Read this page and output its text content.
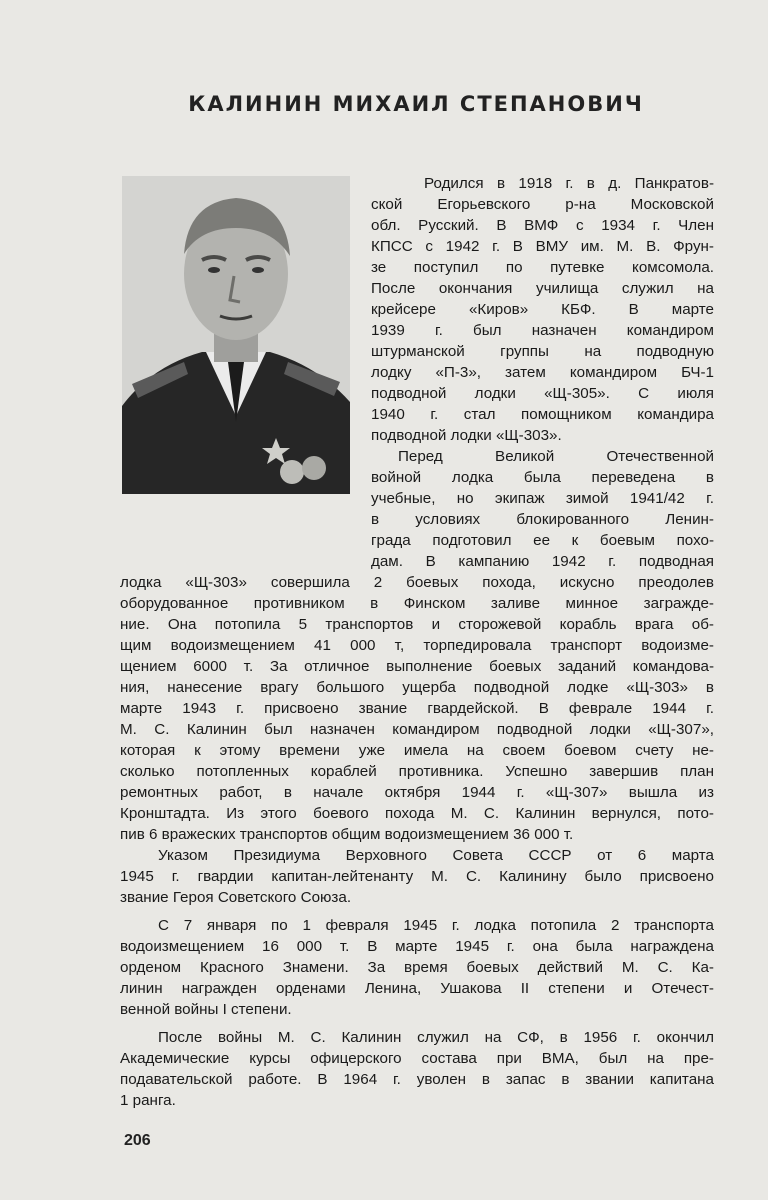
КАЛИНИН МИХАИЛ СТЕПАНОВИЧ
Родился в 1918 г. в д. Панкратов-
ской Егорьевского р-на Московской
обл. Русский. В ВМФ с 1934 г. Член
КПСС с 1942 г. В ВМУ им. М. В. Фрун-
зе поступил по путевке комсомола.
После окончания училища служил на
крейсере «Киров» КБФ. В марте
1939 г. был назначен командиром
штурманской группы на подводную
лодку «П-3», затем командиром БЧ-1
подводной лодки «Щ-305». С июля
1940 г. стал помощником командира
подводной лодки «Щ-303».
Перед Великой Отечественной
войной лодка была переведена в
учебные, но экипаж зимой 1941/42 г.
в условиях блокированного Ленин-
града подготовил ее к боевым похо-
дам. В кампанию 1942 г. подводная
лодка «Щ-303» совершила 2 боевых похода, искусно преодолев
оборудованное противником в Финском заливе минное загражде-
ние. Она потопила 5 транспортов и сторожевой корабль врага об-
щим водоизмещением 41 000 т, торпедировала транспорт водоизме-
щением 6000 т. За отличное выполнение боевых заданий командова-
ния, нанесение врагу большого ущерба подводной лодке «Щ-303» в
марте 1943 г. присвоено звание гвардейской. В феврале 1944 г.
М. С. Калинин был назначен командиром подводной лодки «Щ-307»,
которая к этому времени уже имела на своем боевом счету не-
сколько потопленных кораблей противника. Успешно завершив план
ремонтных работ, в начале октября 1944 г. «Щ-307» вышла из
Кронштадта. Из этого боевого похода М. С. Калинин вернулся, пото-
пив 6 вражеских транспортов общим водоизмещением 36 000 т.
Указом Президиума Верховного Совета СССР от 6 марта
1945 г. гвардии капитан-лейтенанту М. С. Калинину было присвоено
звание Героя Советского Союза.
С 7 января по 1 февраля 1945 г. лодка потопила 2 транспорта
водоизмещением 16 000 т. В марте 1945 г. она была награждена
орденом Красного Знамени. За время боевых действий М. С. Ка-
линин награжден орденами Ленина, Ушакова II степени и Отечест-
венной войны I степени.
После войны М. С. Калинин служил на СФ, в 1956 г. окончил
Академические курсы офицерского состава при ВМА, был на пре-
подавательской работе. В 1964 г. уволен в запас в звании капитана
1 ранга.
206
